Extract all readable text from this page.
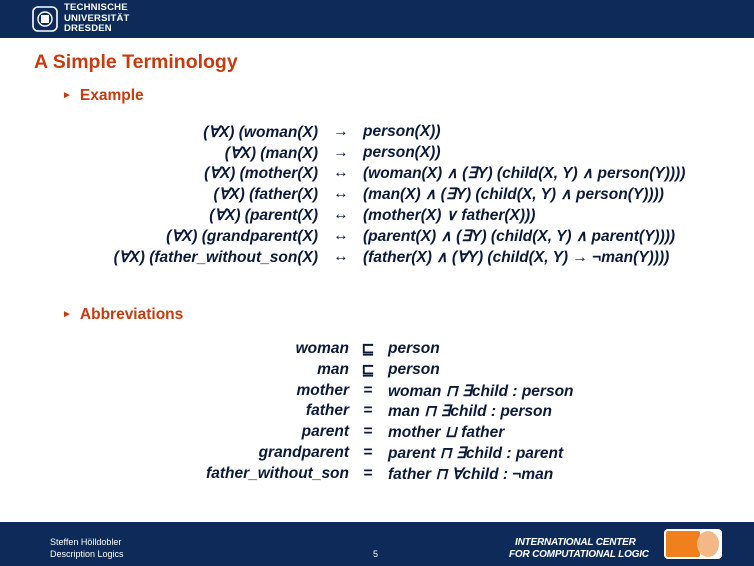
TECHNISCHE
UNIVERSITÄT
DRESDEN
A Simple Terminology
► Example
(∀X) (woman(X) → person(X))
(∀X) (man(X) → person(X))
(∀X) (mother(X) ↔ (woman(X) ∧ (∃Y) (child(X, Y) ∧ person(Y))))
(∀X) (father(X) ↔ (man(X) ∧ (∃Y) (child(X, Y) ∧ person(Y))))
(∀X) (parent(X) ↔ (mother(X) ∨ father(X)))
(∀X) (grandparent(X) ↔ (parent(X) ∧ (∃Y) (child(X, Y) ∧ parent(Y))))
(∀X) (father_without_son(X) ↔ (father(X) ∧ (∀Y) (child(X, Y) → ¬man(Y))))
► Abbreviations
woman ⊑ person
man ⊑ person
mother = woman ⊓ ∃child : person
father = man ⊓ ∃child : person
parent = mother ⊔ father
grandparent = parent ⊓ ∃child : parent
father_without_son = father ⊓ ∀child : ¬man
Steffen Hölldobler
Description Logics	5
INTERNATIONAL CENTER
FOR COMPUTATIONAL LOGIC
